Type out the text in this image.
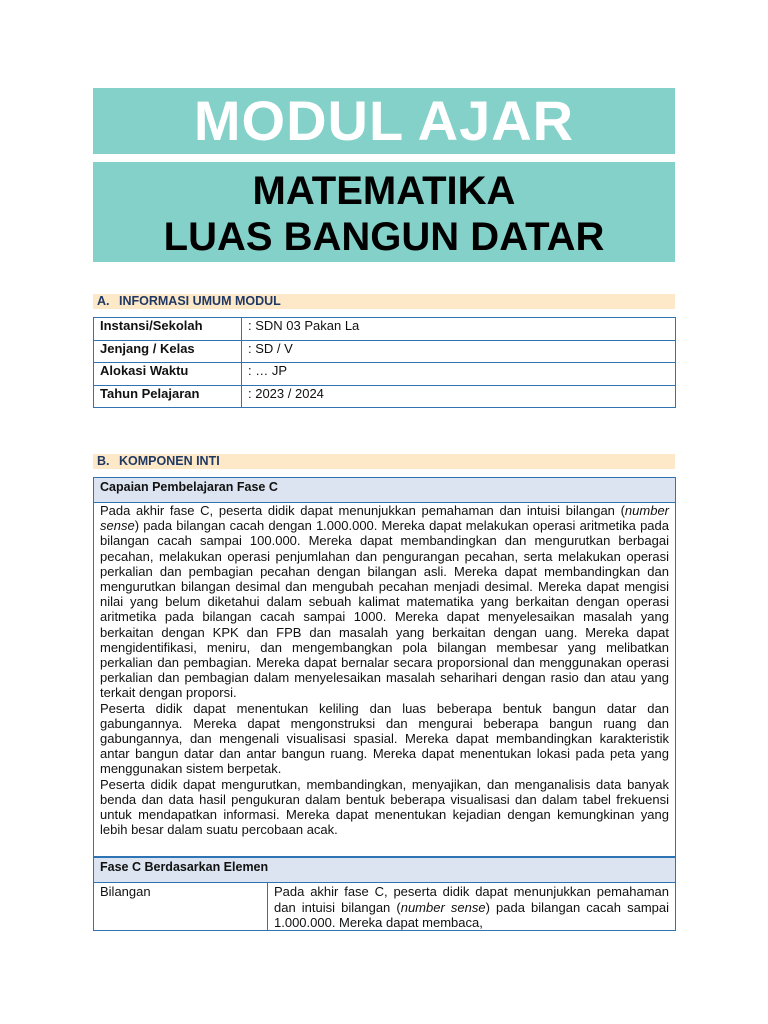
MODUL AJAR
MATEMATIKA
LUAS BANGUN DATAR
A. INFORMASI UMUM MODUL
Instansi/Sekolah	: SDN 03 Pakan La
Jenjang / Kelas	: SD / V
Alokasi Waktu	: … JP
Tahun Pelajaran	: 2023 / 2024
B. KOMPONEN INTI
Capaian Pembelajaran Fase C

Pada akhir fase C, peserta didik dapat menunjukkan pemahaman dan intuisi bilangan (number sense) pada bilangan cacah dengan 1.000.000. Mereka dapat melakukan operasi aritmetika pada bilangan cacah sampai 100.000. Mereka dapat membandingkan dan mengurutkan berbagai pecahan, melakukan operasi penjumlahan dan pengurangan pecahan, serta melakukan operasi perkalian dan pembagian pecahan dengan bilangan asli. Mereka dapat membandingkan dan mengurutkan bilangan desimal dan mengubah pecahan menjadi desimal. Mereka dapat mengisi nilai yang belum diketahui dalam sebuah kalimat matematika yang berkaitan dengan operasi aritmetika pada bilangan cacah sampai 1000. Mereka dapat menyelesaikan masalah yang berkaitan dengan KPK dan FPB dan masalah yang berkaitan dengan uang. Mereka dapat mengidentifikasi, meniru, dan mengembangkan pola bilangan membesar yang melibatkan perkalian dan pembagian. Mereka dapat bernalar secara proporsional dan menggunakan operasi perkalian dan pembagian dalam menyelesaikan masalah seharihari dengan rasio dan atau yang terkait dengan proporsi.

Peserta didik dapat menentukan keliling dan luas beberapa bentuk bangun datar dan gabungannya. Mereka dapat mengonstruksi dan mengurai beberapa bangun ruang dan gabungannya, dan mengenali visualisasi spasial. Mereka dapat membandingkan karakteristik antar bangun datar dan antar bangun ruang. Mereka dapat menentukan lokasi pada peta yang menggunakan sistem berpetak.

Peserta didik dapat mengurutkan, membandingkan, menyajikan, dan menganalisis data banyak benda dan data hasil pengukuran dalam bentuk beberapa visualisasi dan dalam tabel frekuensi untuk mendapatkan informasi. Mereka dapat menentukan kejadian dengan kemungkinan yang lebih besar dalam suatu percobaan acak.

Fase C Berdasarkan Elemen
Bilangan	Pada akhir fase C, peserta didik dapat menunjukkan pemahaman dan intuisi bilangan (number sense) pada bilangan cacah sampai 1.000.000. Mereka dapat membaca,
